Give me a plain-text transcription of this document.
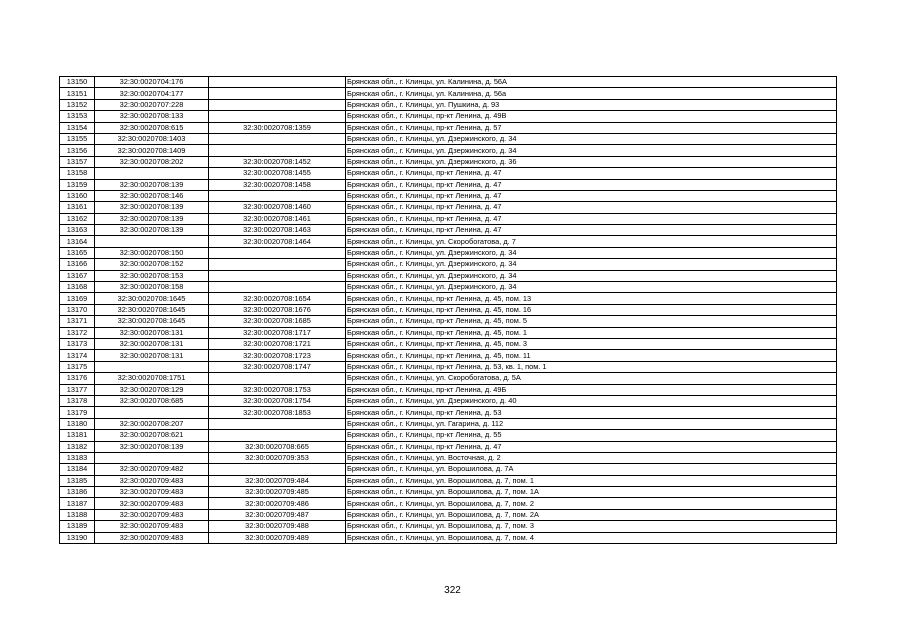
13150	32:30:0020704:176		Брянская обл., г. Клинцы, ул. Калинина, д. 56А
13151	32:30:0020704:177		Брянская обл., г. Клинцы, ул. Калинина, д. 56а
13152	32:30:0020707:228		Брянская обл., г. Клинцы, ул. Пушкина, д. 93
13153	32:30:0020708:133		Брянская обл., г. Клинцы, пр-кт Ленина, д. 49В
13154	32:30:0020708:615	32:30:0020708:1359	Брянская обл., г. Клинцы, пр-кт Ленина, д. 57
13155	32:30:0020708:1403		Брянская обл., г. Клинцы, ул. Дзержинского, д. 34
13156	32:30:0020708:1409		Брянская обл., г. Клинцы, ул. Дзержинского, д. 34
13157	32:30:0020708:202	32:30:0020708:1452	Брянская обл., г. Клинцы, ул. Дзержинского, д. 36
13158		32:30:0020708:1455	Брянская обл., г. Клинцы, пр-кт Ленина, д. 47
13159	32:30:0020708:139	32:30:0020708:1458	Брянская обл., г. Клинцы, пр-кт Ленина, д. 47
13160	32:30:0020708:146		Брянская обл., г. Клинцы, пр-кт Ленина, д. 47
13161	32:30:0020708:139	32:30:0020708:1460	Брянская обл., г. Клинцы, пр-кт Ленина, д. 47
13162	32:30:0020708:139	32:30:0020708:1461	Брянская обл., г. Клинцы, пр-кт Ленина, д. 47
13163	32:30:0020708:139	32:30:0020708:1463	Брянская обл., г. Клинцы, пр-кт Ленина, д. 47
13164		32:30:0020708:1464	Брянская обл., г. Клинцы, ул. Скоробогатова, д. 7
13165	32:30:0020708:150		Брянская обл., г. Клинцы, ул. Дзержинского, д. 34
13166	32:30:0020708:152		Брянская обл., г. Клинцы, ул. Дзержинского, д. 34
13167	32:30:0020708:153		Брянская обл., г. Клинцы, ул. Дзержинского, д. 34
13168	32:30:0020708:158		Брянская обл., г. Клинцы, ул. Дзержинского, д. 34
13169	32:30:0020708:1645	32:30:0020708:1654	Брянская обл., г. Клинцы, пр-кт Ленина, д. 45, пом. 13
13170	32:30:0020708:1645	32:30:0020708:1676	Брянская обл., г. Клинцы, пр-кт Ленина, д. 45, пом. 16
13171	32:30:0020708:1645	32:30:0020708:1685	Брянская обл., г. Клинцы, пр-кт Ленина, д. 45, пом. 5
13172	32:30:0020708:131	32:30:0020708:1717	Брянская обл., г. Клинцы, пр-кт Ленина, д. 45, пом. 1
13173	32:30:0020708:131	32:30:0020708:1721	Брянская обл., г. Клинцы, пр-кт Ленина, д. 45, пом. 3
13174	32:30:0020708:131	32:30:0020708:1723	Брянская обл., г. Клинцы, пр-кт Ленина, д. 45, пом. 11
13175		32:30:0020708:1747	Брянская обл., г. Клинцы, пр-кт Ленина, д. 53, кв. 1, пом. 1
13176	32:30:0020708:1751		Брянская обл., г. Клинцы, ул. Скоробогатова, д. 5А
13177	32:30:0020708:129	32:30:0020708:1753	Брянская обл., г. Клинцы, пр-кт Ленина, д. 49Б
13178	32:30:0020708:685	32:30:0020708:1754	Брянская обл., г. Клинцы, ул. Дзержинского, д. 40
13179		32:30:0020708:1853	Брянская обл., г. Клинцы, пр-кт Ленина, д. 53
13180	32:30:0020708:207		Брянская обл., г. Клинцы, ул. Гагарина, д. 112
13181	32:30:0020708:621		Брянская обл., г. Клинцы, пр-кт Ленина, д. 55
13182	32:30:0020708:139	32:30:0020708:665	Брянская обл., г. Клинцы, пр-кт Ленина, д. 47
13183		32:30:0020709:353	Брянская обл., г. Клинцы, ул. Восточная, д. 2
13184	32:30:0020709:482		Брянская обл., г. Клинцы, ул. Ворошилова, д. 7А
13185	32:30:0020709:483	32:30:0020709:484	Брянская обл., г. Клинцы, ул. Ворошилова, д. 7, пом. 1
13186	32:30:0020709:483	32:30:0020709:485	Брянская обл., г. Клинцы, ул. Ворошилова, д. 7, пом. 1А
13187	32:30:0020709:483	32:30:0020709:486	Брянская обл., г. Клинцы, ул. Ворошилова, д. 7, пом. 2
13188	32:30:0020709:483	32:30:0020709:487	Брянская обл., г. Клинцы, ул. Ворошилова, д. 7, пом. 2А
13189	32:30:0020709:483	32:30:0020709:488	Брянская обл., г. Клинцы, ул. Ворошилова, д. 7, пом. 3
13190	32:30:0020709:483	32:30:0020709:489	Брянская обл., г. Клинцы, ул. Ворошилова, д. 7, пом. 4
322
